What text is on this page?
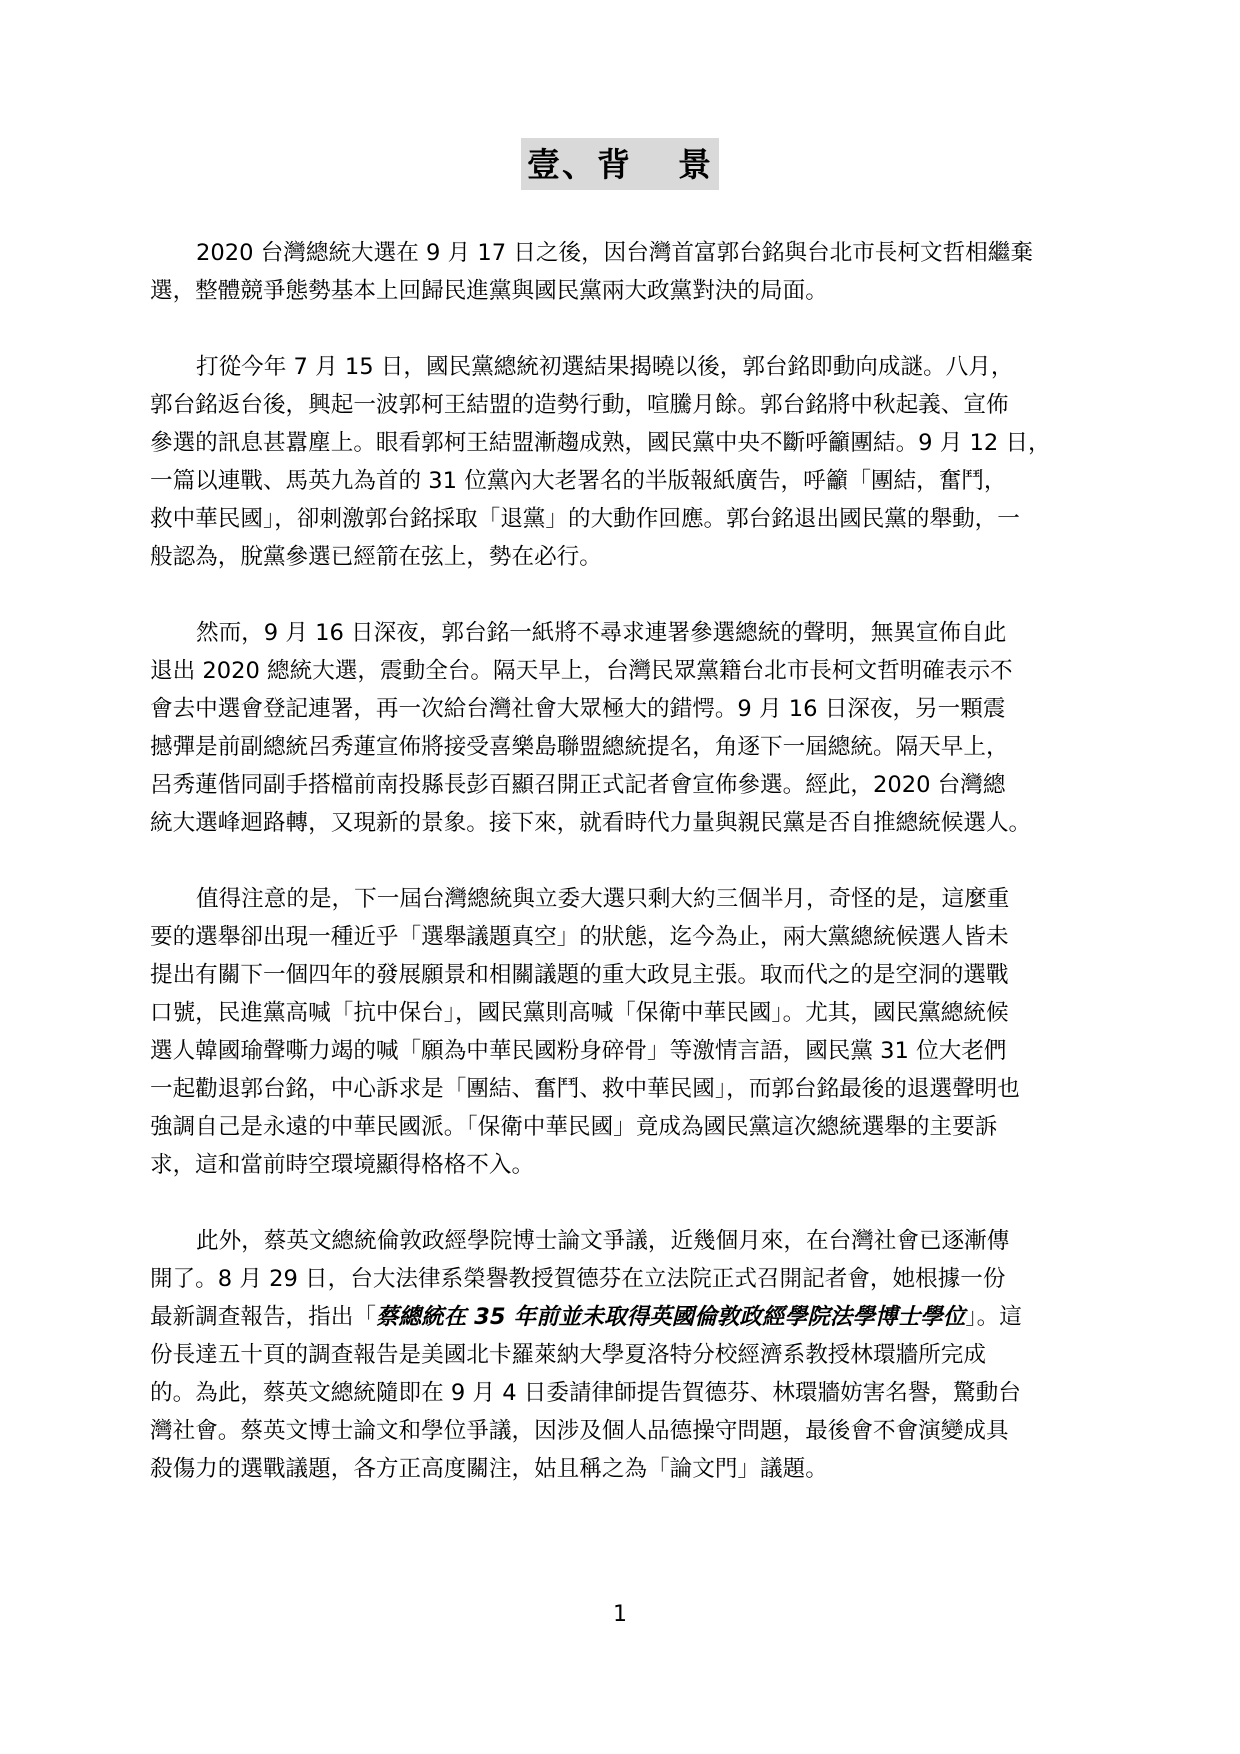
壹、背 景

2020 台灣總統大選在 9 月 17 日之後，因台灣首富郭台銘與台北市長柯文哲相繼棄
選，整體競爭態勢基本上回歸民進黨與國民黨兩大政黨對決的局面。

打從今年 7 月 15 日，國民黨總統初選結果揭曉以後，郭台銘即動向成謎。八月，
郭台銘返台後，興起一波郭柯王結盟的造勢行動，喧騰月餘。郭台銘將中秋起義、宣佈
參選的訊息甚囂塵上。眼看郭柯王結盟漸趨成熟，國民黨中央不斷呼籲團結。9 月 12 日，
一篇以連戰、馬英九為首的 31 位黨內大老署名的半版報紙廣告，呼籲「團結，奮鬥，
救中華民國」，卻刺激郭台銘採取「退黨」的大動作回應。郭台銘退出國民黨的舉動，一
般認為，脫黨參選已經箭在弦上，勢在必行。

然而，9 月 16 日深夜，郭台銘一紙將不尋求連署參選總統的聲明，無異宣佈自此
退出 2020 總統大選，震動全台。隔天早上，台灣民眾黨籍台北市長柯文哲明確表示不
會去中選會登記連署，再一次給台灣社會大眾極大的錯愕。9 月 16 日深夜，另一顆震
撼彈是前副總統呂秀蓮宣佈將接受喜樂島聯盟總統提名，角逐下一屆總統。隔天早上，
呂秀蓮偕同副手搭檔前南投縣長彭百顯召開正式記者會宣佈參選。經此，2020 台灣總
統大選峰迴路轉，又現新的景象。接下來，就看時代力量與親民黨是否自推總統候選人。

值得注意的是，下一屆台灣總統與立委大選只剩大約三個半月，奇怪的是，這麼重
要的選舉卻出現一種近乎「選舉議題真空」的狀態，迄今為止，兩大黨總統候選人皆未
提出有關下一個四年的發展願景和相關議題的重大政見主張。取而代之的是空洞的選戰
口號，民進黨高喊「抗中保台」，國民黨則高喊「保衛中華民國」。尤其，國民黨總統候
選人韓國瑜聲嘶力竭的喊「願為中華民國粉身碎骨」等激情言語，國民黨 31 位大老們
一起勸退郭台銘，中心訴求是「團結、奮鬥、救中華民國」，而郭台銘最後的退選聲明也
強調自己是永遠的中華民國派。「保衛中華民國」竟成為國民黨這次總統選舉的主要訴
求，這和當前時空環境顯得格格不入。

此外，蔡英文總統倫敦政經學院博士論文爭議，近幾個月來，在台灣社會已逐漸傳
開了。8 月 29 日，台大法律系榮譽教授賀德芬在立法院正式召開記者會，她根據一份
最新調查報告，指出「蔡總統在 35 年前並未取得英國倫敦政經學院法學博士學位」。這
份長達五十頁的調查報告是美國北卡羅萊納大學夏洛特分校經濟系教授林環牆所完成
的。為此，蔡英文總統隨即在 9 月 4 日委請律師提告賀德芬、林環牆妨害名譽，驚動台
灣社會。蔡英文博士論文和學位爭議，因涉及個人品德操守問題，最後會不會演變成具
殺傷力的選戰議題，各方正高度關注，姑且稱之為「論文門」議題。

1
